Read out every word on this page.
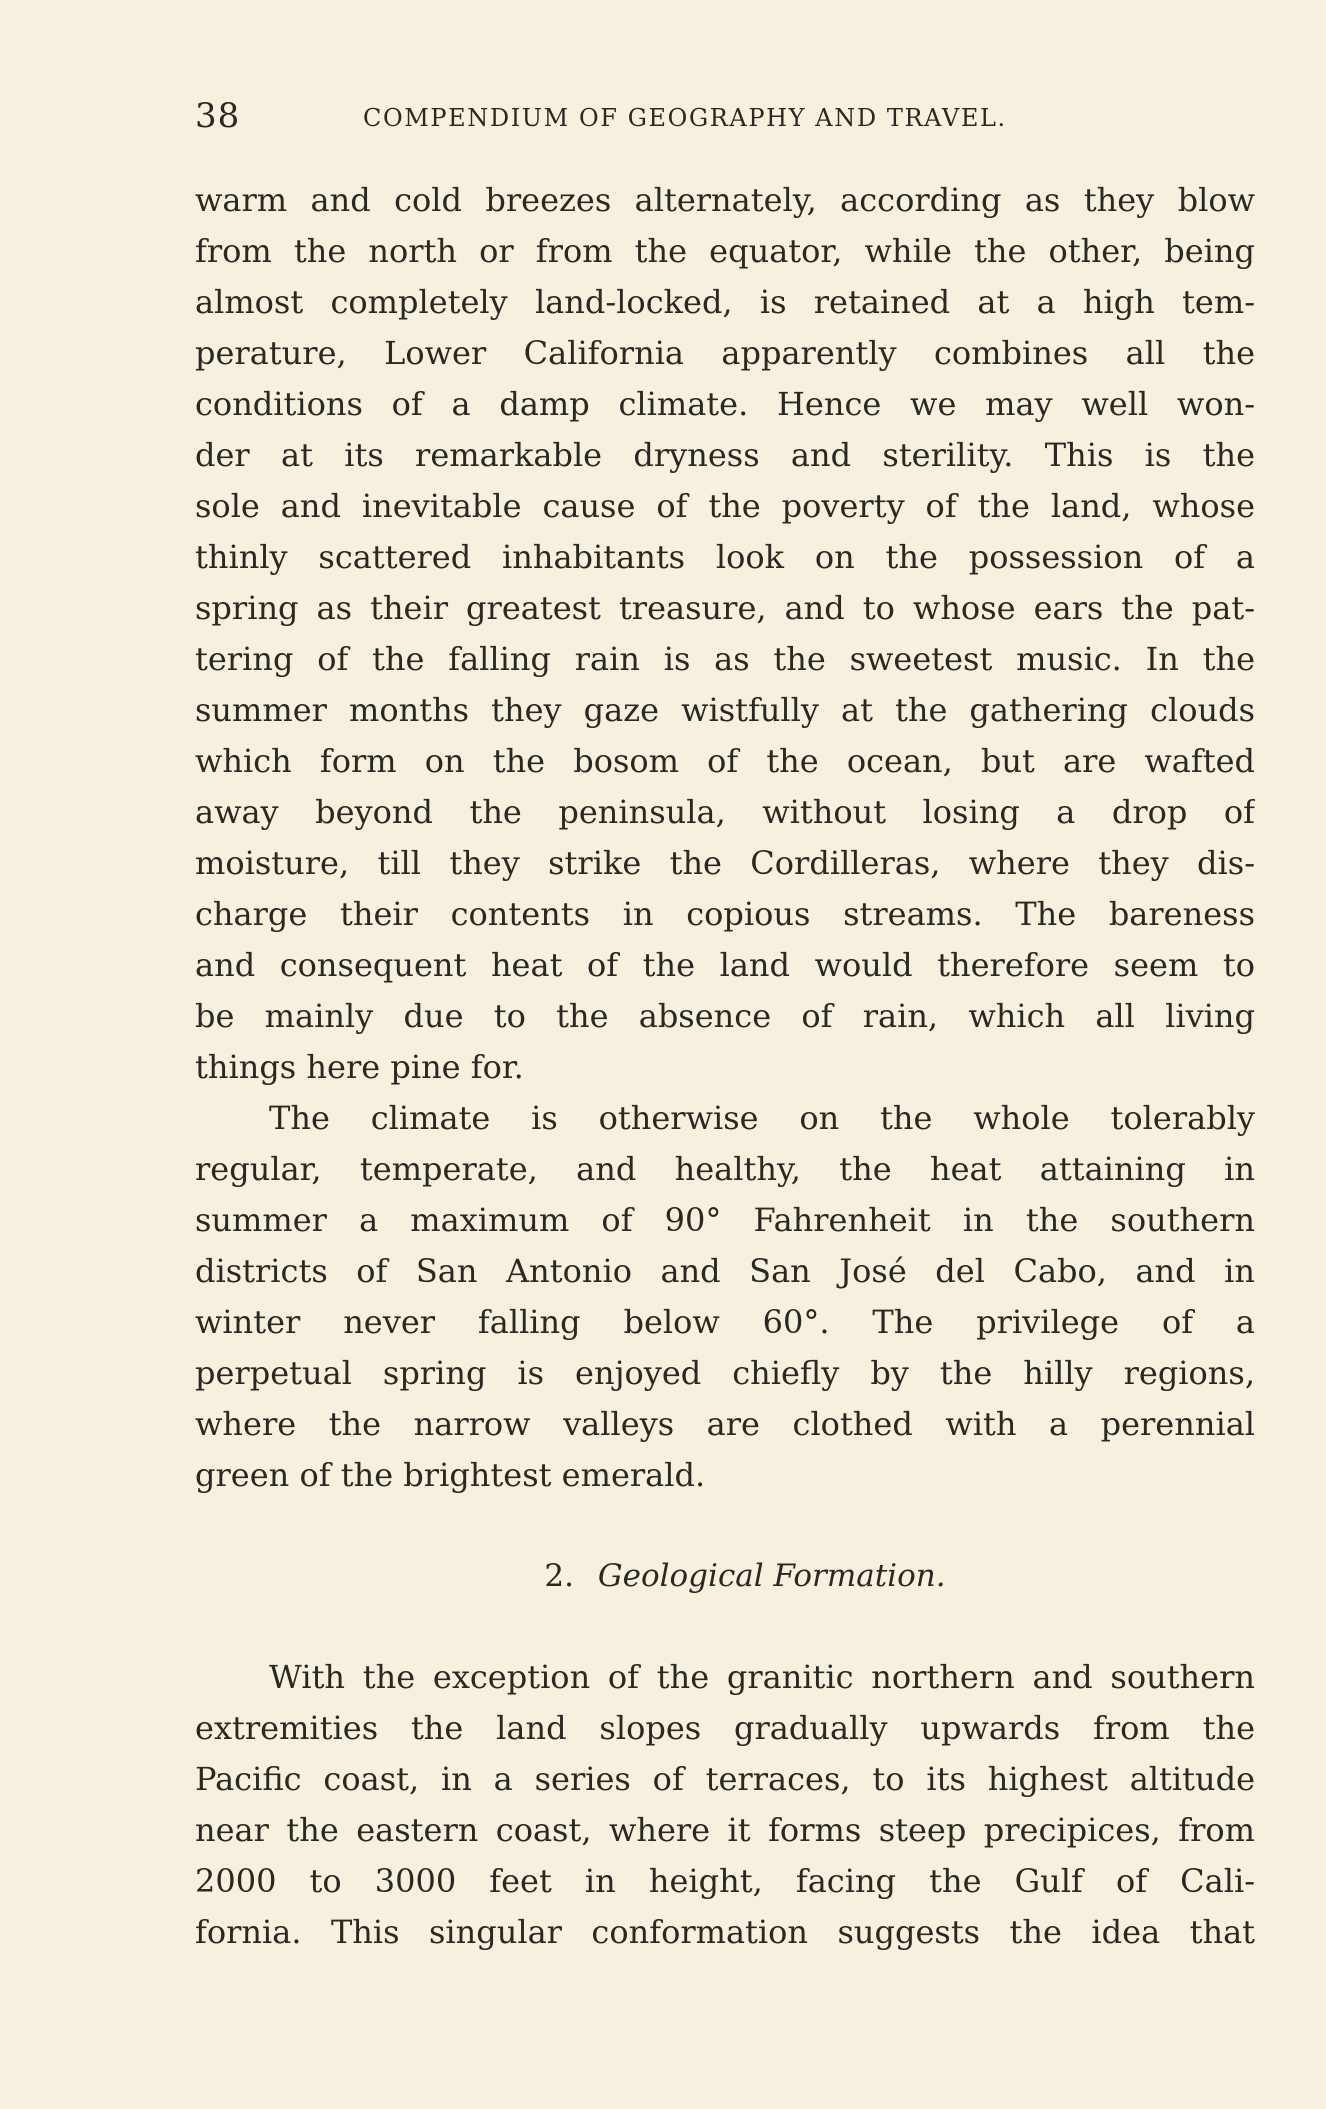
38	COMPENDIUM OF GEOGRAPHY AND TRAVEL.
warm and cold breezes alternately, according as they blow
from the north or from the equator, while the other, being
almost completely land-locked, is retained at a high tem-
perature, Lower California apparently combines all the
conditions of a damp climate. Hence we may well won-
der at its remarkable dryness and sterility. This is the
sole and inevitable cause of the poverty of the land, whose
thinly scattered inhabitants look on the possession of a
spring as their greatest treasure, and to whose ears the pat-
tering of the falling rain is as the sweetest music. In the
summer months they gaze wistfully at the gathering clouds
which form on the bosom of the ocean, but are wafted
away beyond the peninsula, without losing a drop of
moisture, till they strike the Cordilleras, where they dis-
charge their contents in copious streams. The bareness
and consequent heat of the land would therefore seem to
be mainly due to the absence of rain, which all living
things here pine for.
The climate is otherwise on the whole tolerably
regular, temperate, and healthy, the heat attaining in
summer a maximum of 90° Fahrenheit in the southern
districts of San Antonio and San José del Cabo, and in
winter never falling below 60°. The privilege of a
perpetual spring is enjoyed chiefly by the hilly regions,
where the narrow valleys are clothed with a perennial
green of the brightest emerald.
2. Geological Formation.
With the exception of the granitic northern and southern
extremities the land slopes gradually upwards from the
Pacific coast, in a series of terraces, to its highest altitude
near the eastern coast, where it forms steep precipices, from
2000 to 3000 feet in height, facing the Gulf of Cali-
fornia. This singular conformation suggests the idea that
